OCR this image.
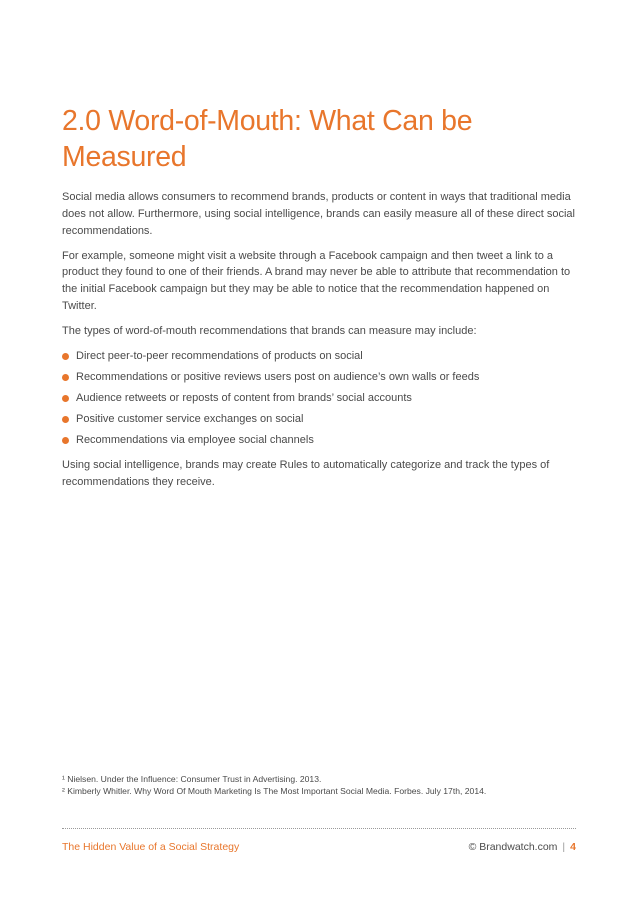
2.0 Word-of-Mouth: What Can be Measured

Social media allows consumers to recommend brands, products or content in ways that traditional media does not allow. Furthermore, using social intelligence, brands can easily measure all of these direct social recommendations.

For example, someone might visit a website through a Facebook campaign and then tweet a link to a product they found to one of their friends. A brand may never be able to attribute that recommendation to the initial Facebook campaign but they may be able to notice that the recommendation happened on Twitter.

The types of word-of-mouth recommendations that brands can measure may include:

Direct peer-to-peer recommendations of products on social
Recommendations or positive reviews users post on audience’s own walls or feeds
Audience retweets or reposts of content from brands’ social accounts
Positive customer service exchanges on social
Recommendations via employee social channels

Using social intelligence, brands may create Rules to automatically categorize and track the types of recommendations they receive.

¹ Nielsen. Under the Influence: Consumer Trust in Advertising. 2013.
² Kimberly Whitler. Why Word Of Mouth Marketing Is The Most Important Social Media. Forbes. July 17th, 2014.
The Hidden Value of a Social Strategy	© Brandwatch.com | 4
